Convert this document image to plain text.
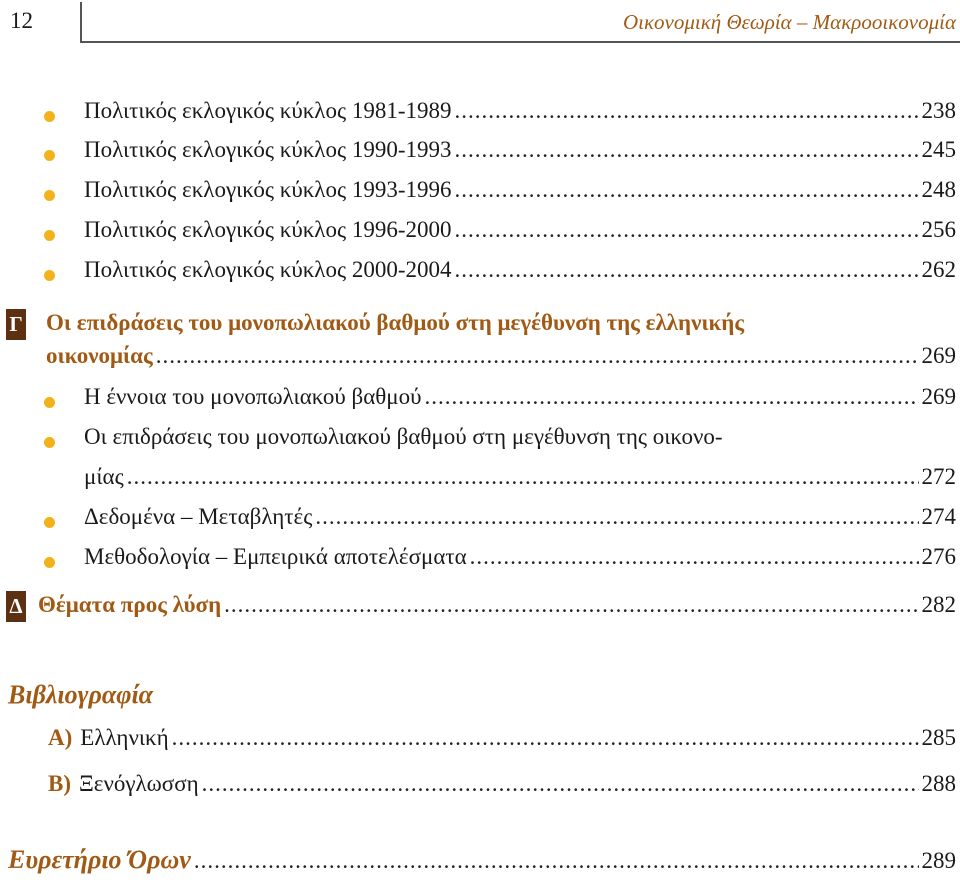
12	Οικονομική Θεωρία – Μακροοικονομία
Πολιτικός εκλογικός κύκλος 1981-1989 .....	238
Πολιτικός εκλογικός κύκλος 1990-1993 .....	245
Πολιτικός εκλογικός κύκλος 1993-1996 .....	248
Πολιτικός εκλογικός κύκλος 1996-2000 .....	256
Πολιτικός εκλογικός κύκλος 2000-2004 .....	262
Γ Οι επιδράσεις του μονοπωλιακού βαθμού στη μεγέθυνση της ελληνικής
οικονομίας .....	269
Η έννοια του μονοπωλιακού βαθμού .....	269
Οι επιδράσεις του μονοπωλιακού βαθμού στη μεγέθυνση της οικονο-
μίας .....	272
Δεδομένα – Μεταβλητές .....	274
Μεθοδολογία – Εμπειρικά αποτελέσματα .....	276
Δ Θέματα προς λύση .....	282
Βιβλιογραφία
Α) Ελληνική .....	285
Β) Ξενόγλωσση .....	288
Ευρετήριο Όρων .....	289
